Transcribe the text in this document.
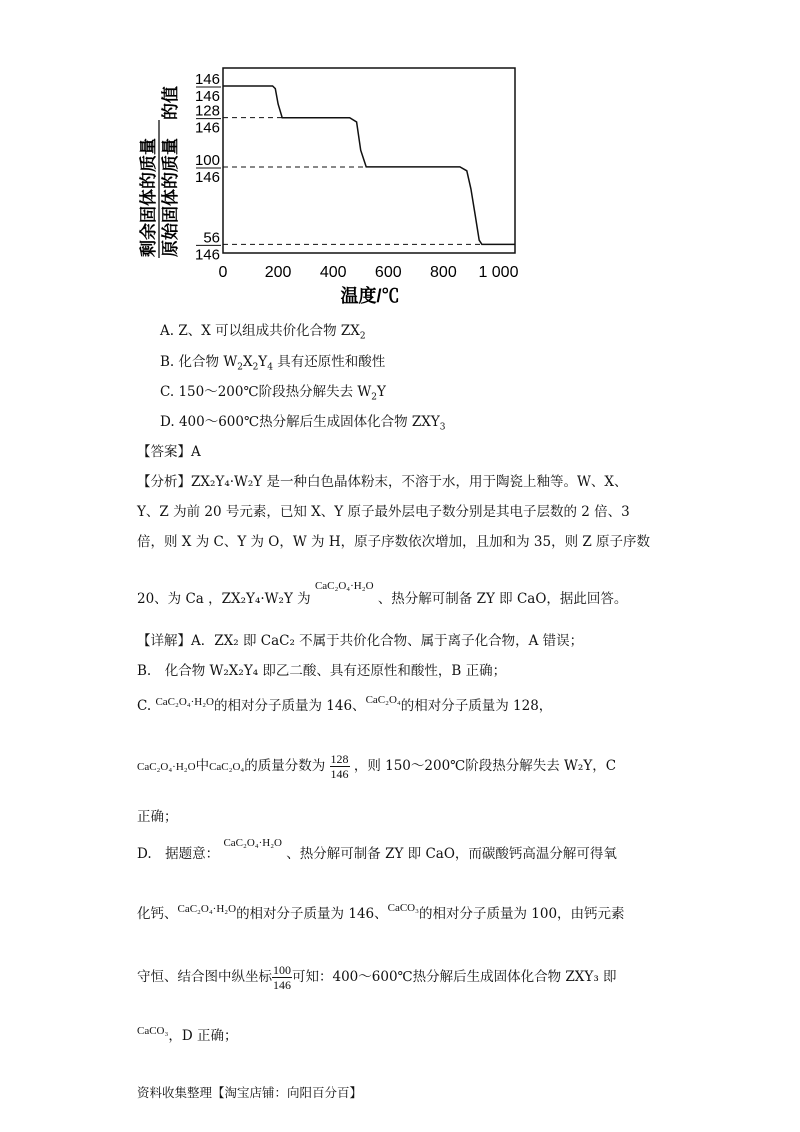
剩余固体的质量 原始固体的质量
的值
146
146
128
146
100
146
56
146
0 200 400 600 800 1 000
温度/℃
A. Z、X 可以组成共价化合物 $ZX_2$
B. 化合物 $W_2X_2Y_4$ 具有还原性和酸性
C. 150～200℃阶段热分解失去 $W_2Y$
D. 400～600℃热分解后生成固体化合物 $ZXY_3$
【答案】A
【分析】ZX₂Y₄·W₂Y 是一种白色晶体粉末，不溶于水，用于陶瓷上釉等。W、X、
Y、Z 为前 20 号元素，已知 X、Y 原子最外层电子数分别是其电子层数的 2 倍、3
倍，则 X 为 C、Y 为 O，W 为 H，原子序数依次增加，且加和为 35，则 Z 原子序数
20、为 Ca ，ZX₂Y₄·W₂Y 为 $^{CaC_2O_4\cdot H_2O}$ 、热分解可制备 ZY 即 CaO，据此回答。
【详解】A．ZX₂ 即 CaC₂ 不属于共价化合物、属于离子化合物，A 错误；
B.　化合物 W₂X₂Y₄ 即乙二酸、具有还原性和酸性，B 正确；
C. $^{CaC_2O_4\cdot H_2O}$的相对分子质量为 146、$^{CaC_2O_4}$的相对分子质量为 128，
CaC₂O₄·H₂O中CaC₂O₄的质量分数为 $\frac{128}{146}$ ，则 150～200℃阶段热分解失去 W₂Y，C
正确；
D.　据题意： $^{CaC_2O_4\cdot H_2O}$ 、热分解可制备 ZY 即 CaO，而碳酸钙高温分解可得氧
化钙、$^{CaC_2O_4\cdot H_2O}$的相对分子质量为 146、$^{CaCO_3}$的相对分子质量为 100，由钙元素
守恒、结合图中纵坐标 $\frac{100}{146}$ 可知：400～600℃热分解后生成固体化合物 ZXY₃ 即
$^{CaCO_3}$，D 正确；
资料收集整理【淘宝店铺：向阳百分百】
